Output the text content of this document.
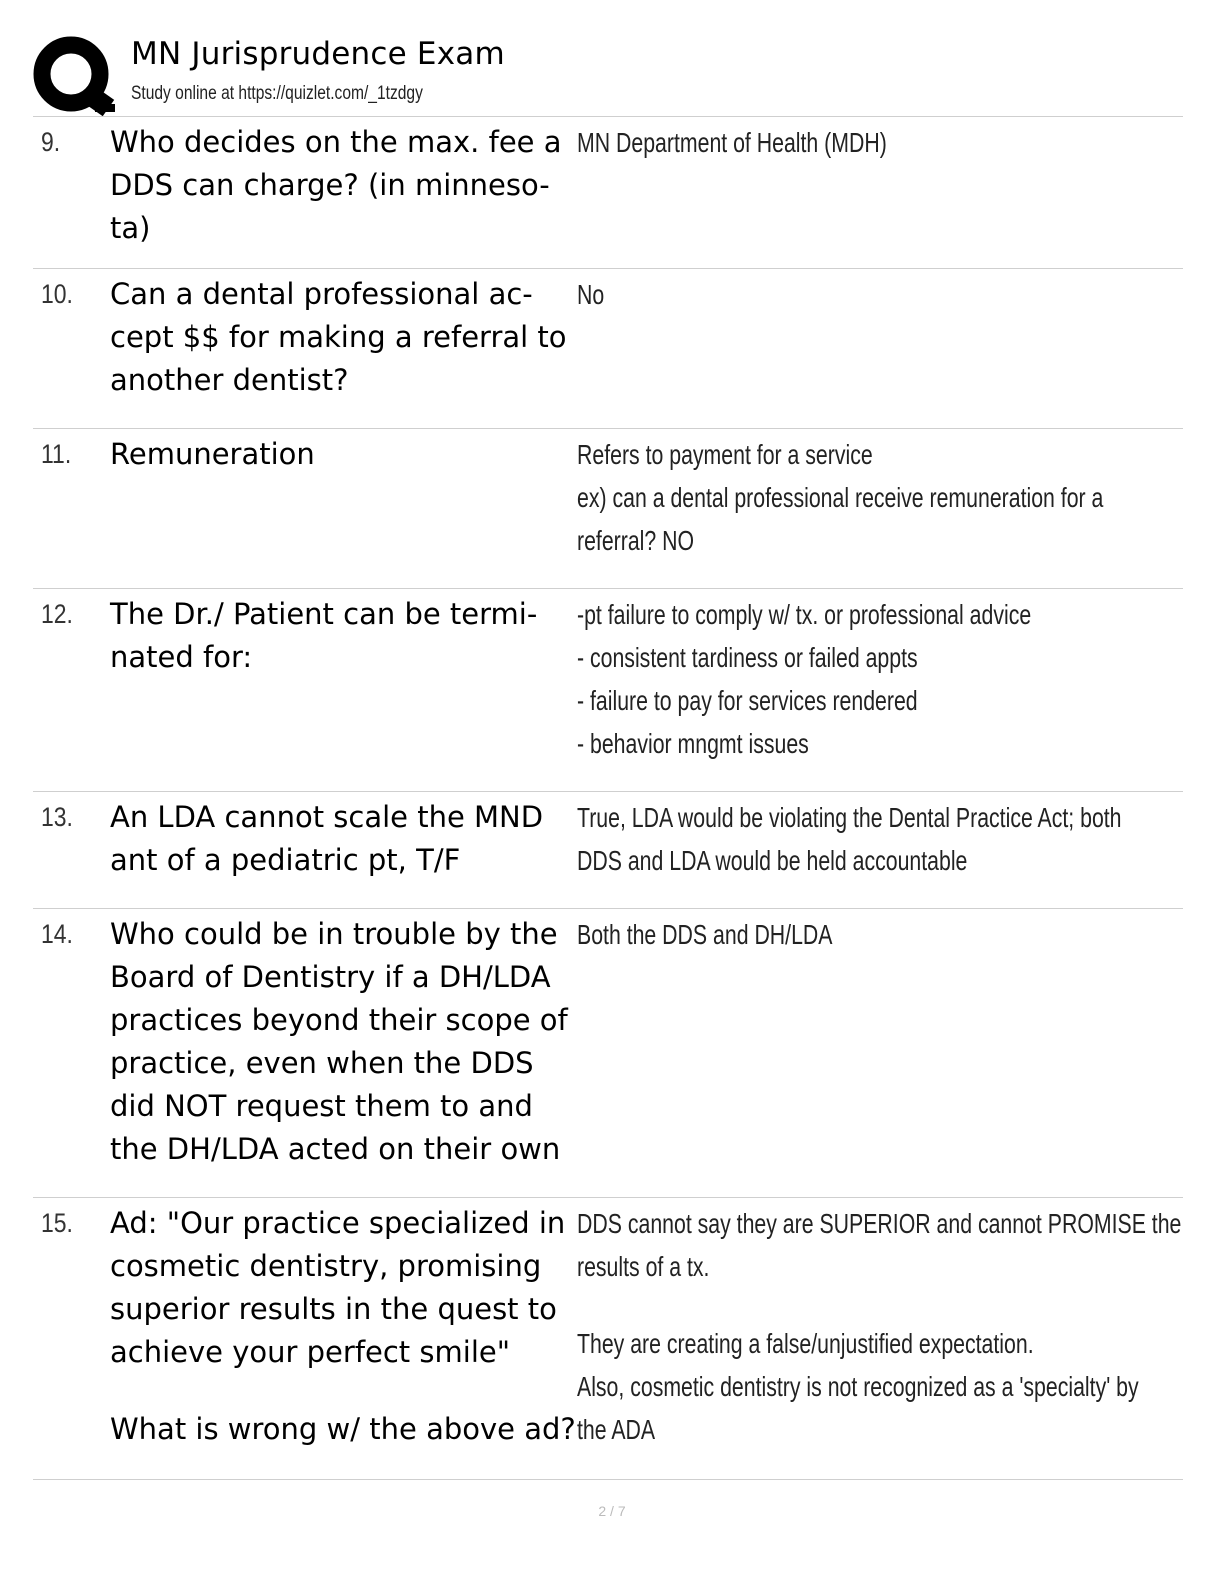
MN Jurisprudence Exam
Study online at https://quizlet.com/_1tzdgy
9. Who decides on the max. fee a
DDS can charge? (in minneso-
ta)
MN Department of Health (MDH)
10. Can a dental professional ac-
cept $$ for making a referral to
another dentist?
No
11. Remuneration	Refers to payment for a service
ex) can a dental professional receive remuneration for a
referral? NO
12. The Dr./ Patient can be termi-
nated for:
-pt failure to comply w/ tx. or professional advice
- consistent tardiness or failed appts
- failure to pay for services rendered
- behavior mngmt issues
13. An LDA cannot scale the MND
ant of a pediatric pt, T/F
True, LDA would be violating the Dental Practice Act; both
DDS and LDA would be held accountable
14. Who could be in trouble by the
Board of Dentistry if a DH/LDA
practices beyond their scope of
practice, even when the DDS
did NOT request them to and
the DH/LDA acted on their own
Both the DDS and DH/LDA
15. Ad: "Our practice specialized in
cosmetic dentistry, promising
superior results in the quest to
achieve your perfect smile"
What is wrong w/ the above ad?
DDS cannot say they are SUPERIOR and cannot PROMISE the
results of a tx.
They are creating a false/unjustified expectation.
Also, cosmetic dentistry is not recognized as a 'specialty' by
the ADA
2 / 7
